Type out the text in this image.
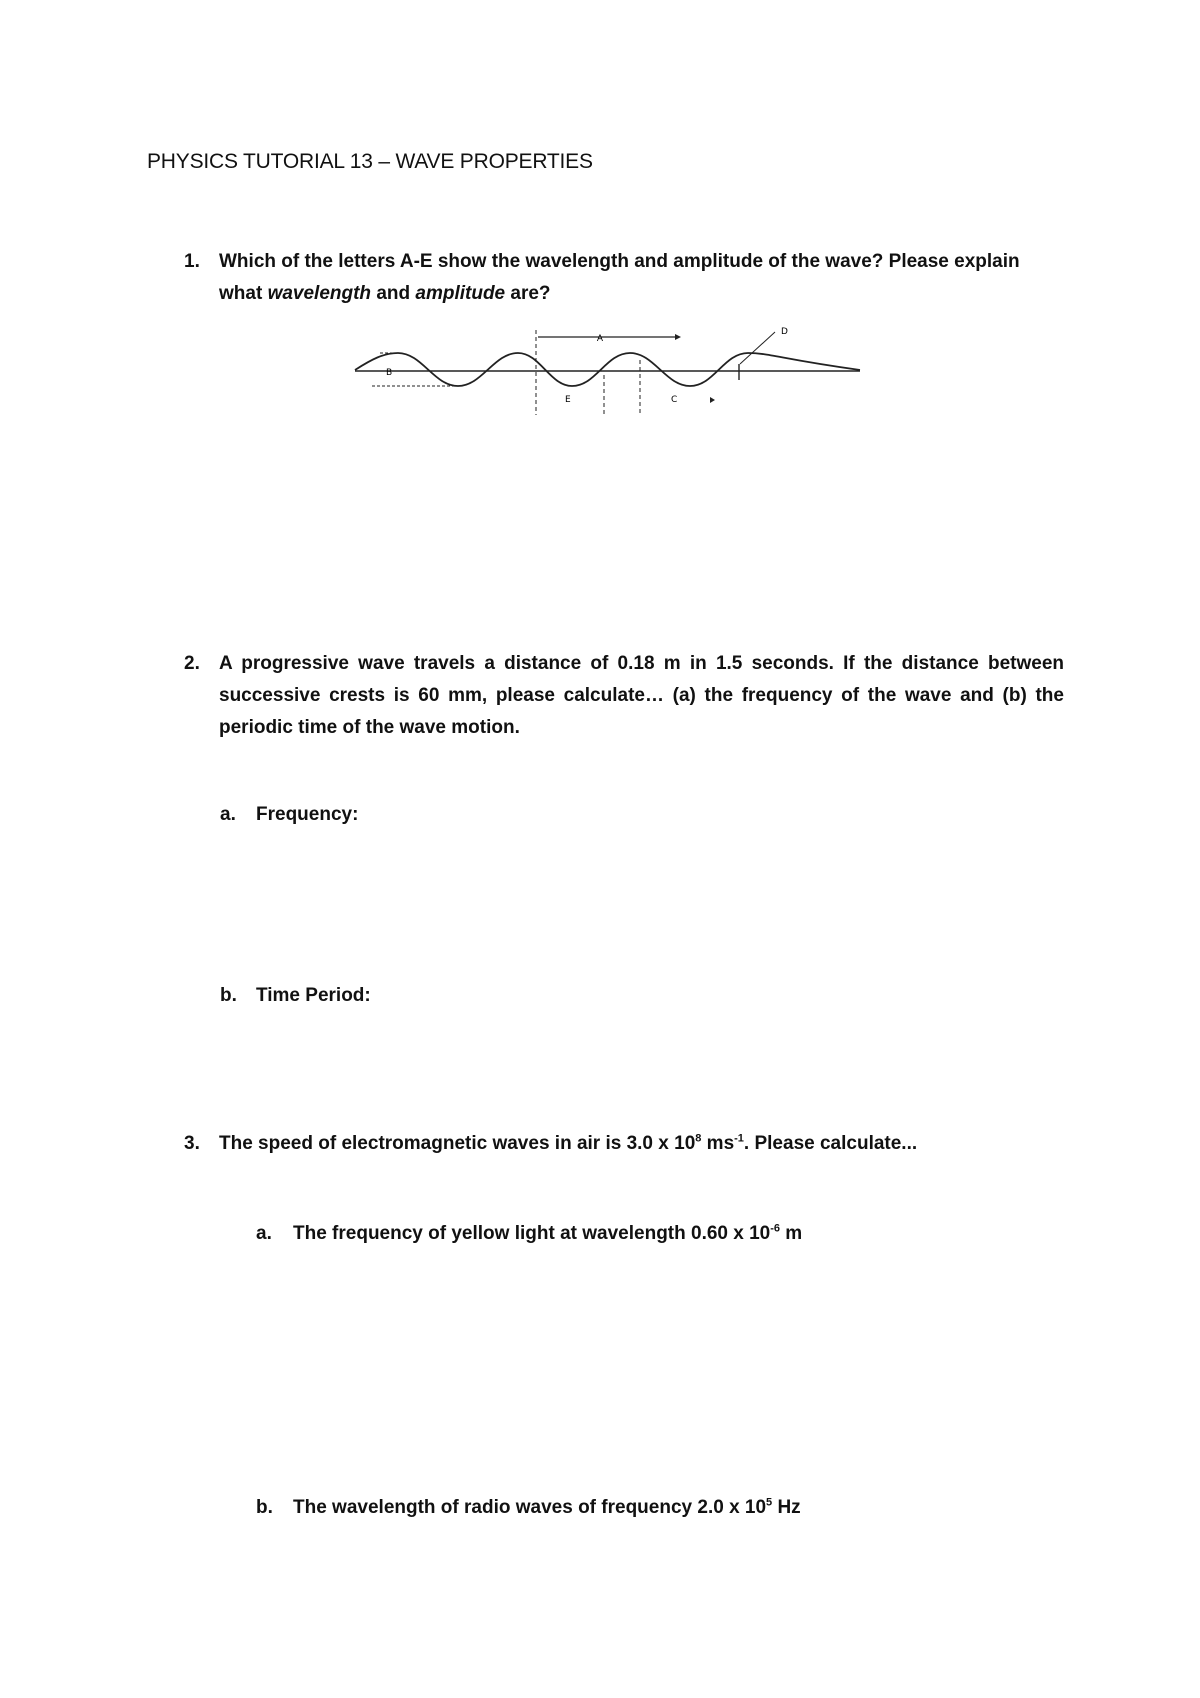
PHYSICS TUTORIAL 13 – WAVE PROPERTIES
1. Which of the letters A-E show the wavelength and amplitude of the wave? Please explain what wavelength and amplitude are?
B
A
D
E	C
2. A progressive wave travels a distance of 0.18 m in 1.5 seconds. If the distance between successive crests is 60 mm, please calculate… (a) the frequency of the wave and (b) the periodic time of the wave motion.
a. Frequency:
b. Time Period:
3. The speed of electromagnetic waves in air is 3.0 x $10^8$ $ms^{-1}$. Please calculate...
a. The frequency of yellow light at wavelength 0.60 x $10^{-6}$ m
b. The wavelength of radio waves of frequency 2.0 x $10^5$ Hz
